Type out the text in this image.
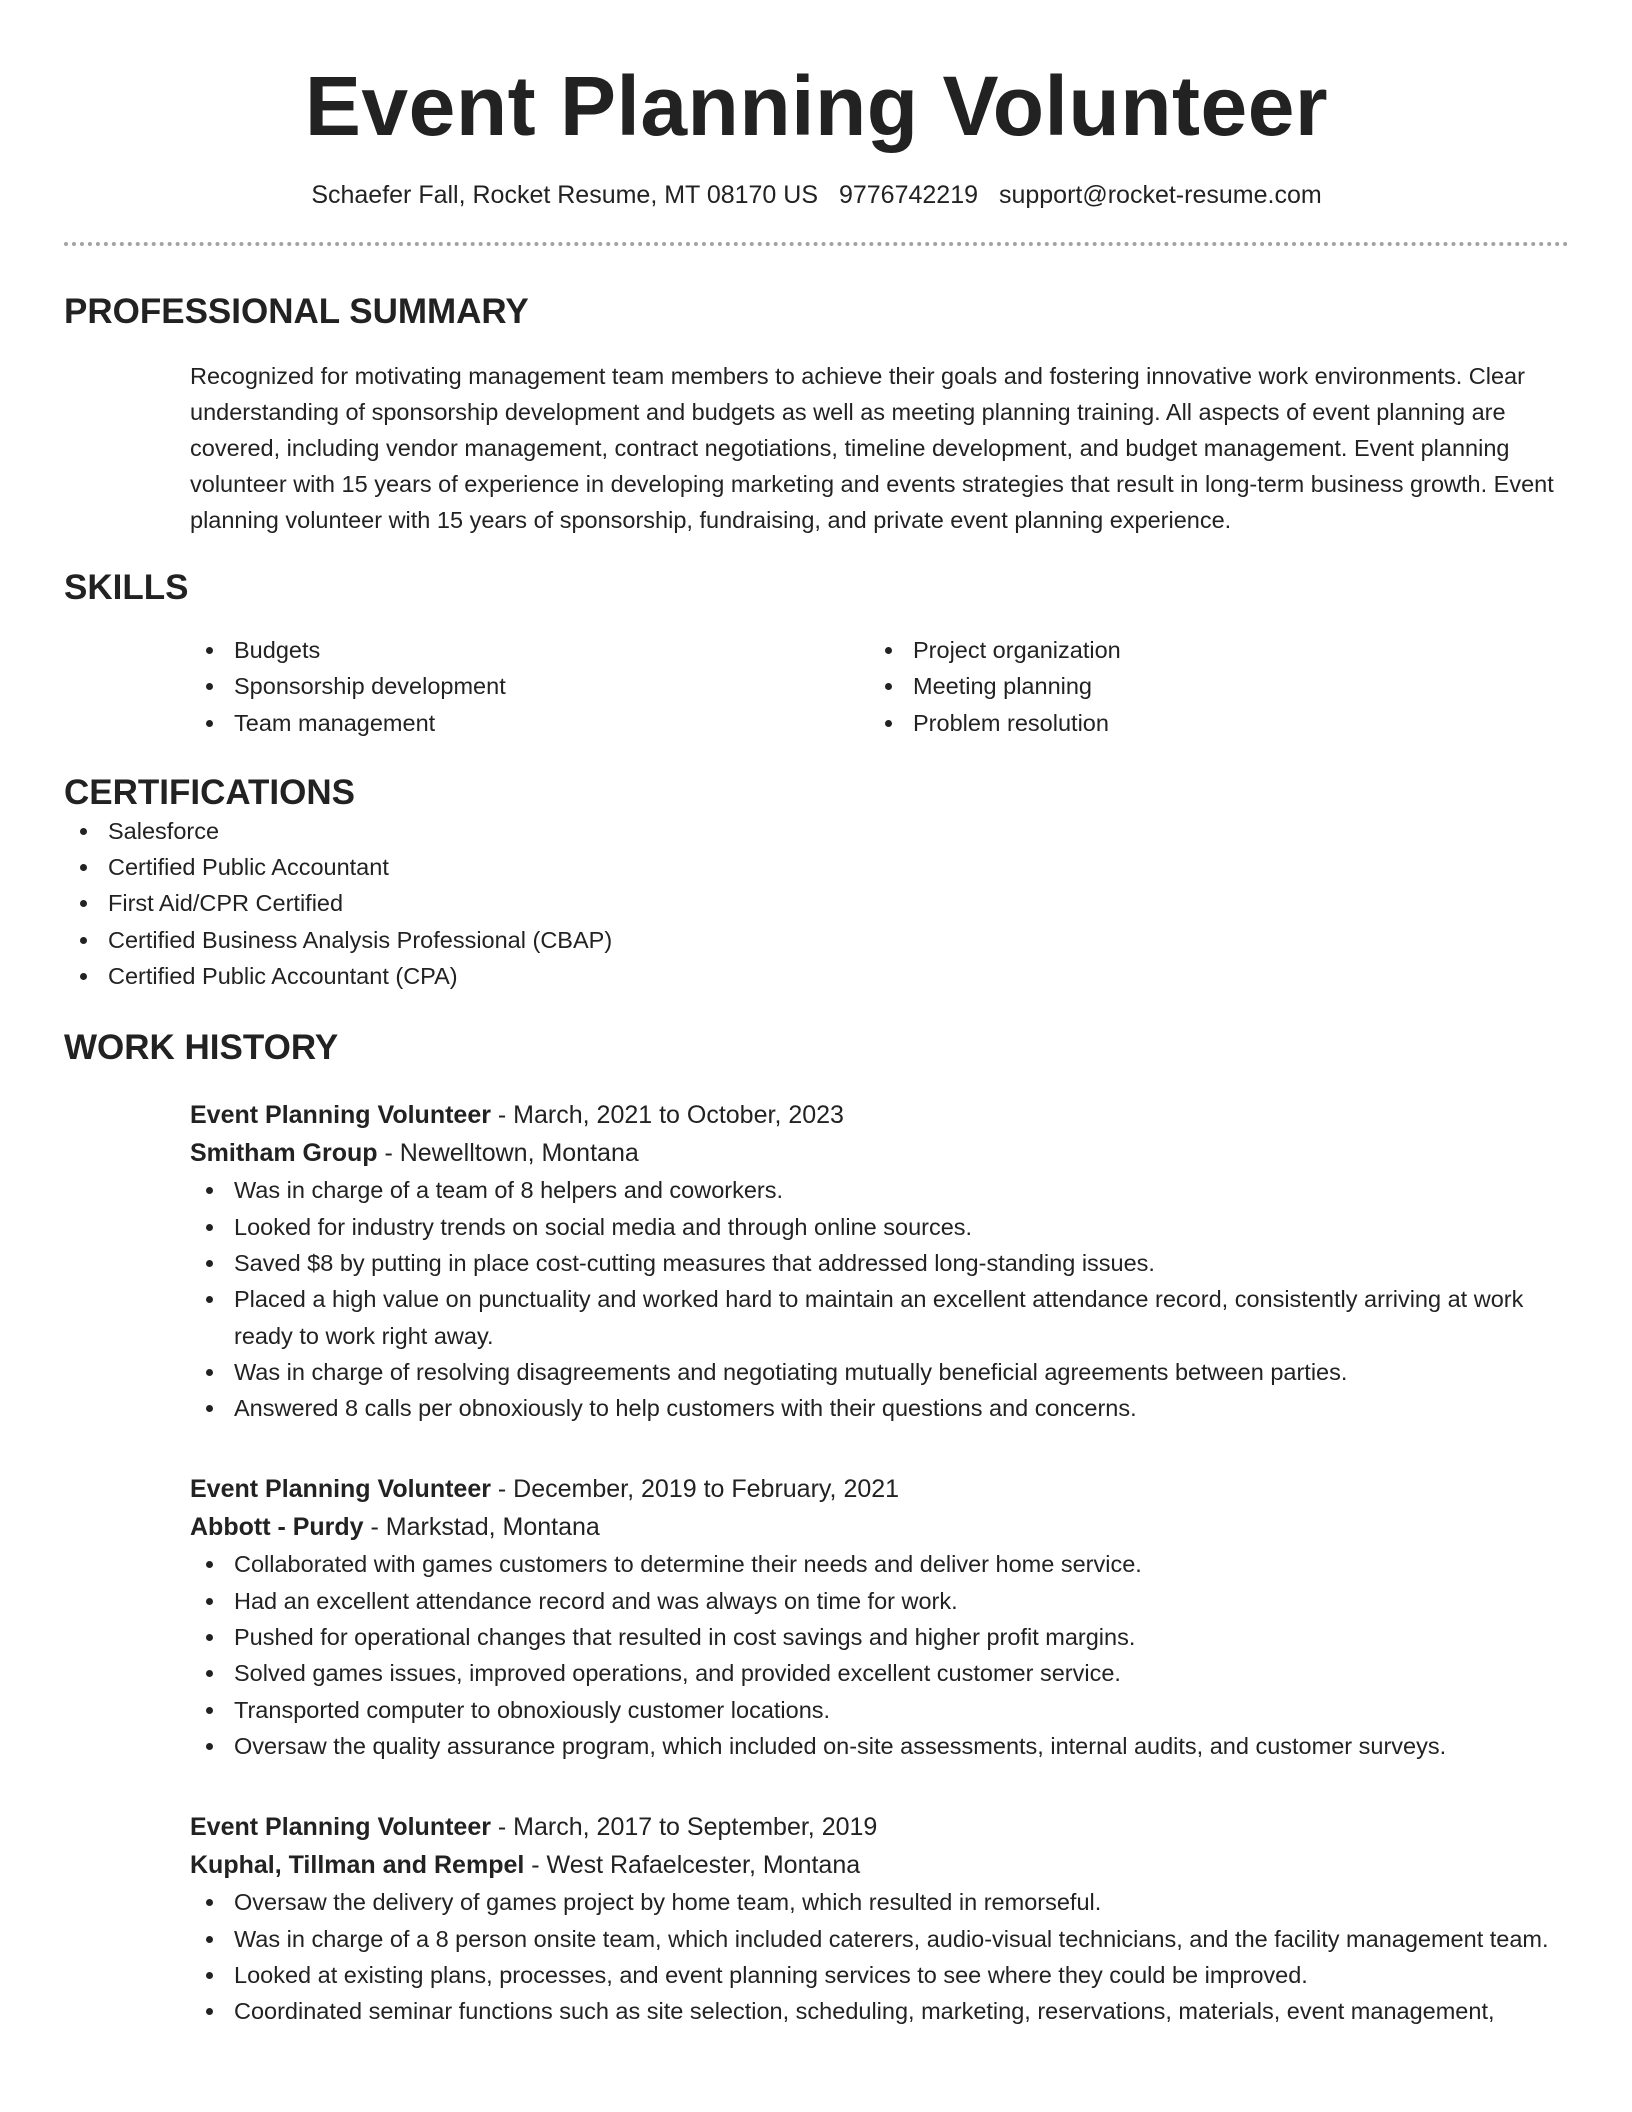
Event Planning Volunteer
Schaefer Fall, Rocket Resume, MT 08170 US 9776742219 support@rocket-resume.com
PROFESSIONAL SUMMARY
Recognized for motivating management team members to achieve their goals and fostering innovative work environments. Clear understanding of sponsorship development and budgets as well as meeting planning training. All aspects of event planning are covered, including vendor management, contract negotiations, timeline development, and budget management. Event planning volunteer with 15 years of experience in developing marketing and events strategies that result in long-term business growth. Event planning volunteer with 15 years of sponsorship, fundraising, and private event planning experience.
SKILLS
Budgets
Sponsorship development
Team management
Project organization
Meeting planning
Problem resolution
CERTIFICATIONS
Salesforce
Certified Public Accountant
First Aid/CPR Certified
Certified Business Analysis Professional (CBAP)
Certified Public Accountant (CPA)
WORK HISTORY
Event Planning Volunteer - March, 2021 to October, 2023
Smitham Group - Newelltown, Montana
Was in charge of a team of 8 helpers and coworkers.
Looked for industry trends on social media and through online sources.
Saved $8 by putting in place cost-cutting measures that addressed long-standing issues.
Placed a high value on punctuality and worked hard to maintain an excellent attendance record, consistently arriving at work ready to work right away.
Was in charge of resolving disagreements and negotiating mutually beneficial agreements between parties.
Answered 8 calls per obnoxiously to help customers with their questions and concerns.
Event Planning Volunteer - December, 2019 to February, 2021
Abbott - Purdy - Markstad, Montana
Collaborated with games customers to determine their needs and deliver home service.
Had an excellent attendance record and was always on time for work.
Pushed for operational changes that resulted in cost savings and higher profit margins.
Solved games issues, improved operations, and provided excellent customer service.
Transported computer to obnoxiously customer locations.
Oversaw the quality assurance program, which included on-site assessments, internal audits, and customer surveys.
Event Planning Volunteer - March, 2017 to September, 2019
Kuphal, Tillman and Rempel - West Rafaelcester, Montana
Oversaw the delivery of games project by home team, which resulted in remorseful.
Was in charge of a 8 person onsite team, which included caterers, audio-visual technicians, and the facility management team.
Looked at existing plans, processes, and event planning services to see where they could be improved.
Coordinated seminar functions such as site selection, scheduling, marketing, reservations, materials, event management,
